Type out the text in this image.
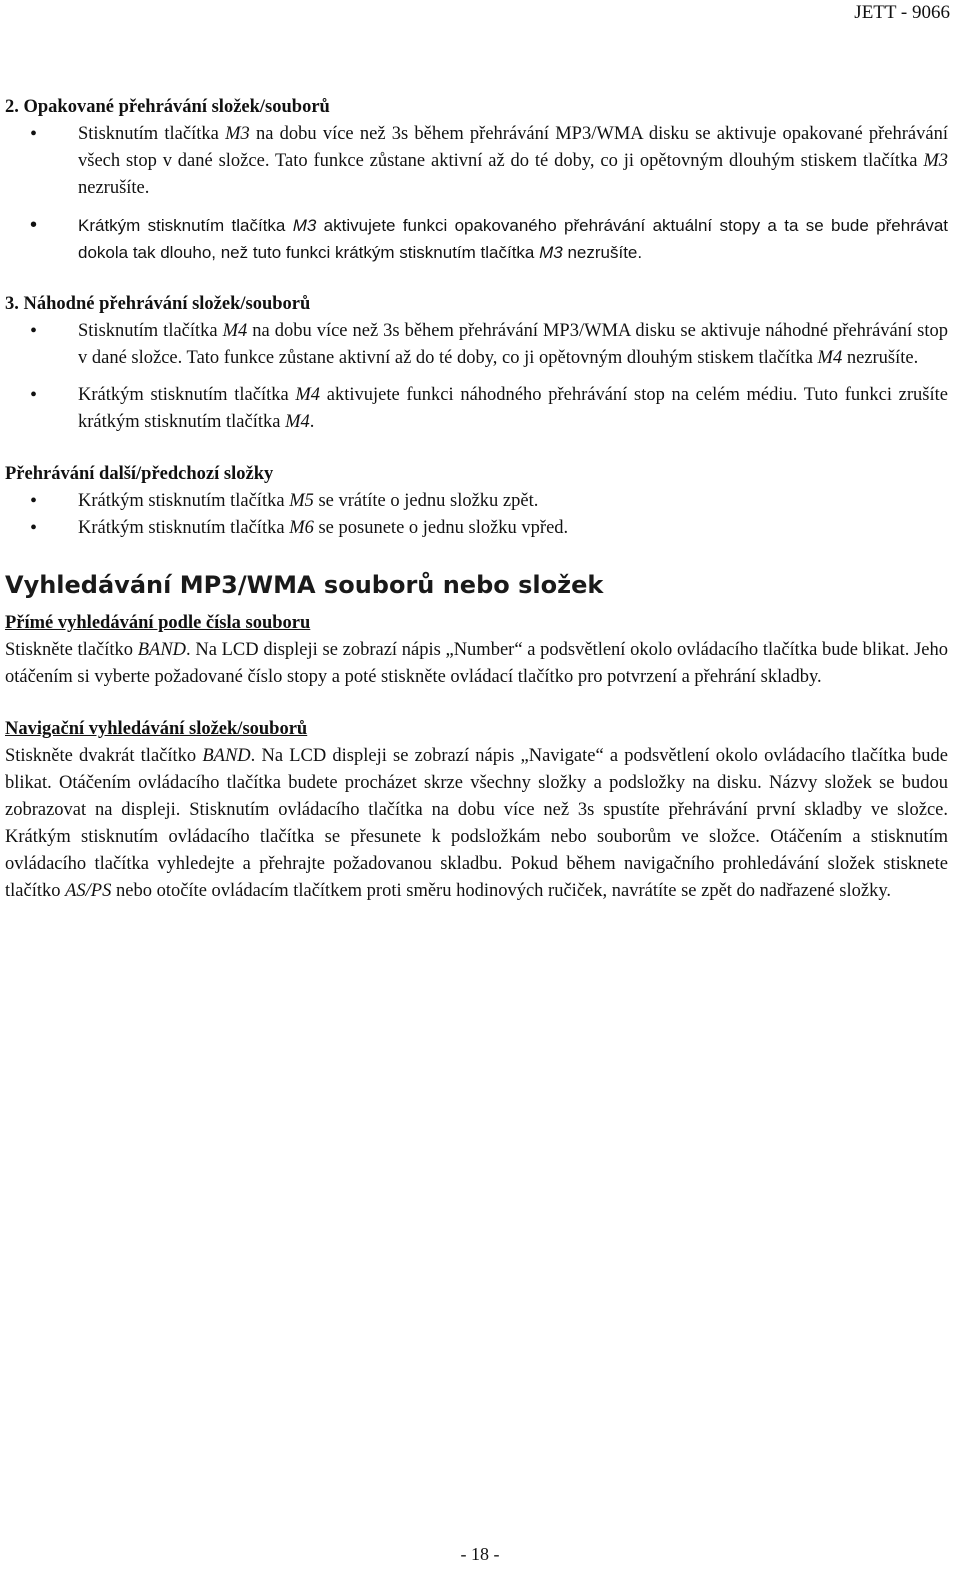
JETT - 9066

2. Opakované přehrávání složek/souborů

• Stisknutím tlačítka M3 na dobu více než 3s během přehrávání MP3/WMA disku se aktivuje opakované přehrávání všech stop v dané složce. Tato funkce zůstane aktivní až do té doby, co ji opětovným dlouhým stiskem tlačítka M3 nezrušíte.
• Krátkým stisknutím tlačítka M3 aktivujete funkci opakovaného přehrávání aktuální stopy a ta se bude přehrávat dokola tak dlouho, než tuto funkci krátkým stisknutím tlačítka M3 nezrušíte.

3. Náhodné přehrávání složek/souborů

• Stisknutím tlačítka M4 na dobu více než 3s během přehrávání MP3/WMA disku se aktivuje náhodné přehrávání stop v dané složce. Tato funkce zůstane aktivní až do té doby, co ji opětovným dlouhým stiskem tlačítka M4 nezrušíte.
• Krátkým stisknutím tlačítka M4 aktivujete funkci náhodného přehrávání stop na celém médiu. Tuto funkci zrušíte krátkým stisknutím tlačítka M4.

Přehrávání další/předchozí složky

• Krátkým stisknutím tlačítka M5 se vrátíte o jednu složku zpět.
• Krátkým stisknutím tlačítka M6 se posunete o jednu složku vpřed.
Vyhledávání MP3/WMA souborů nebo složek

Přímé vyhledávání podle čísla souboru

Stiskněte tlačítko BAND. Na LCD displeji se zobrazí nápis „Number“ a podsvětlení okolo ovládacího tlačítka bude blikat. Jeho otáčením si vyberte požadované číslo stopy a poté stiskněte ovládací tlačítko pro potvrzení a přehrání skladby.

Navigační vyhledávání složek/souborů

Stiskněte dvakrát tlačítko BAND. Na LCD displeji se zobrazí nápis „Navigate“ a podsvětlení okolo ovládacího tlačítka bude blikat. Otáčením ovládacího tlačítka budete procházet skrze všechny složky a podsložky na disku. Názvy složek se budou zobrazovat na displeji. Stisknutím ovládacího tlačítka na dobu více než 3s spustíte přehrávání první skladby ve složce. Krátkým stisknutím ovládacího tlačítka se přesunete k podsložkám nebo souborům ve složce. Otáčením a stisknutím ovládacího tlačítka vyhledejte a přehrajte požadovanou skladbu. Pokud během navigačního prohledávání složek stisknete tlačítko AS/PS nebo otočíte ovládacím tlačítkem proti směru hodinových ručiček, navrátíte se zpět do nadřazené složky.

- 18 -
